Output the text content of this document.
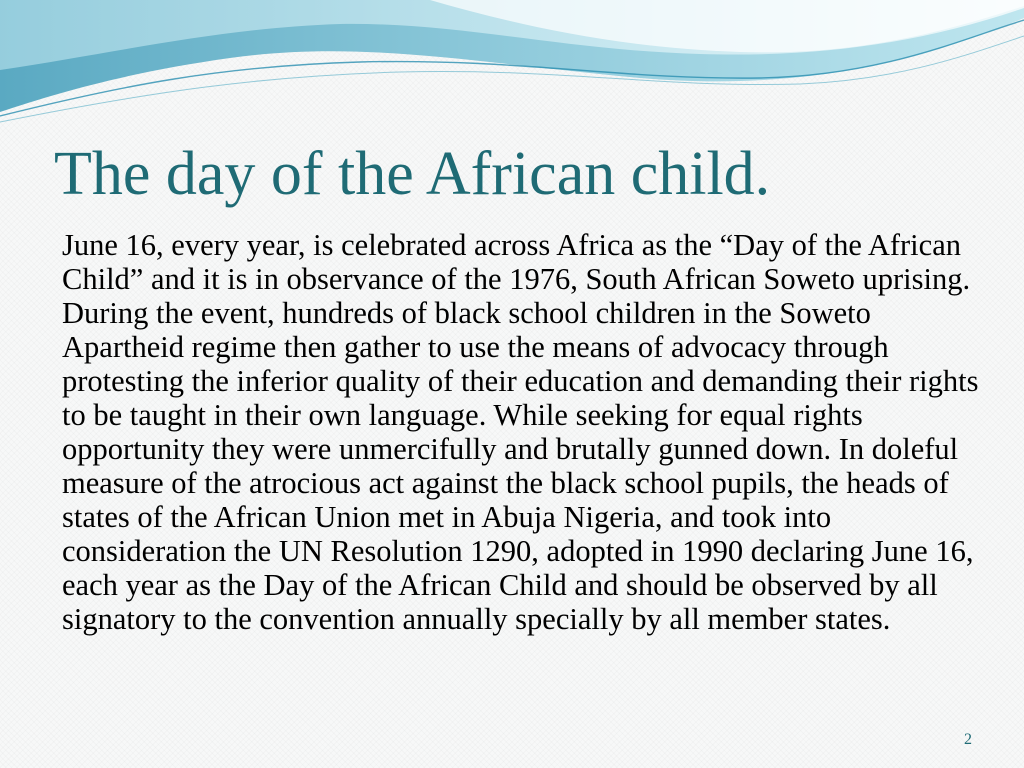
The day of the African child.

June 16, every year, is celebrated across Africa as the “Day of the African Child” and it is in observance of the 1976, South African Soweto uprising. During the event, hundreds of black school children in the Soweto Apartheid regime then gather to use the means of advocacy through protesting the inferior quality of their education and demanding their rights to be taught in their own language. While seeking for equal rights opportunity they were unmercifully and brutally gunned down. In doleful measure of the atrocious act against the black school pupils, the heads of states of the African Union met in Abuja Nigeria, and took into consideration the UN Resolution 1290, adopted in 1990 declaring June 16, each year as the Day of the African Child and should be observed by all signatory to the convention annually specially by all member states.

2
